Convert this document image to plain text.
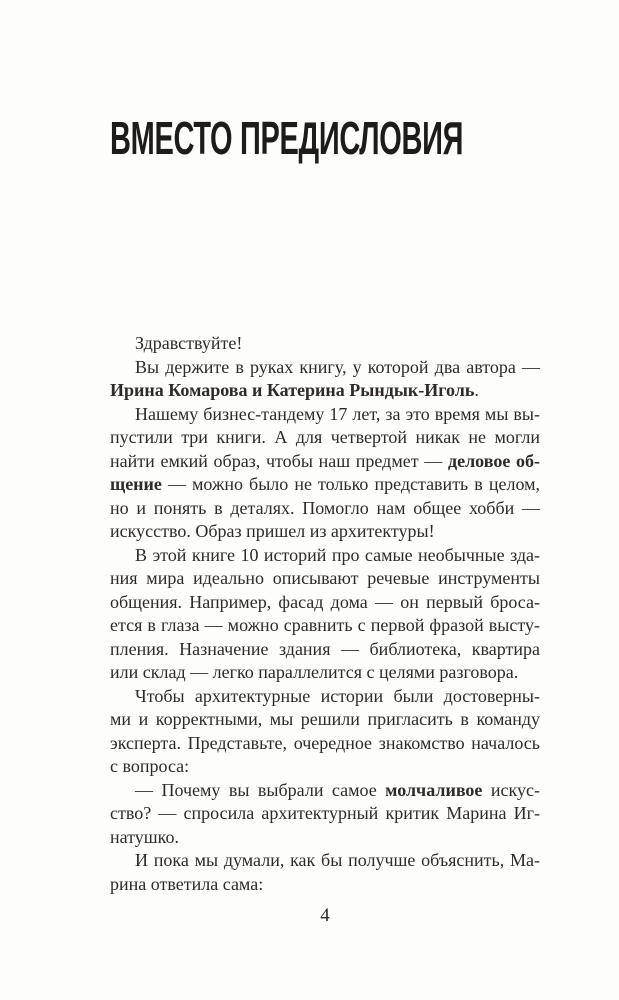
ВМЕСТО ПРЕДИСЛОВИЯ
Здравствуйте!
Вы держите в руках книгу, у которой два автора —
Ирина Комарова и Катерина Рындык-Иголь.
Нашему бизнес-тандему 17 лет, за это время мы вы-
пустили три книги. А для четвертой никак не могли
найти емкий образ, чтобы наш предмет — деловое об-
щение — можно было не только представить в целом,
но и понять в деталях. Помогло нам общее хобби —
искусство. Образ пришел из архитектуры!
В этой книге 10 историй про самые необычные зда-
ния мира идеально описывают речевые инструменты
общения. Например, фасад дома — он первый броса-
ется в глаза — можно сравнить с первой фразой высту-
пления. Назначение здания — библиотека, квартира
или склад — легко параллелится с целями разговора.
Чтобы архитектурные истории были достоверны-
ми и корректными, мы решили пригласить в команду
эксперта. Представьте, очередное знакомство началось
с вопроса:
— Почему вы выбрали самое молчаливое искус-
ство? — спросила архитектурный критик Марина Иг-
натушко.
И пока мы думали, как бы получше объяснить, Ма-
рина ответила сама:
4
